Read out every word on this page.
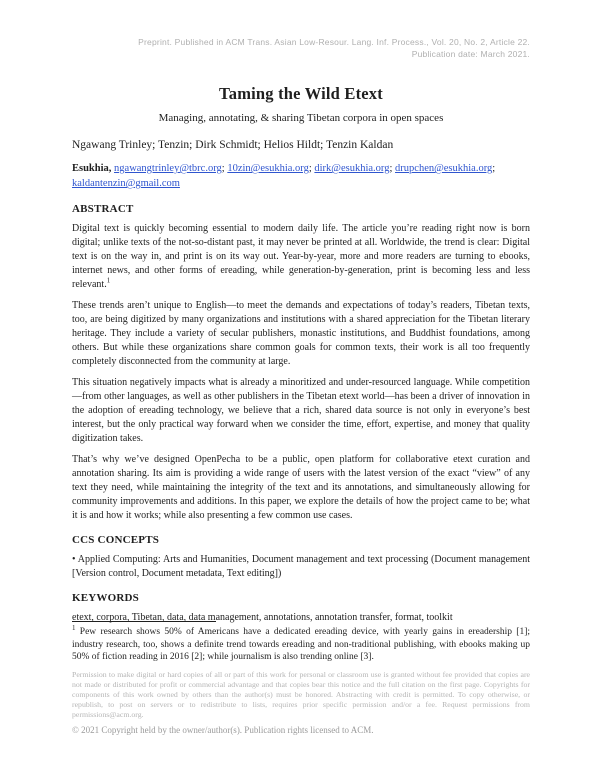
Preprint. Published in ACM Trans. Asian Low-Resour. Lang. Inf. Process., Vol. 20, No. 2, Article 22.
Publication date: March 2021.
Taming the Wild Etext
Managing, annotating, & sharing Tibetan corpora in open spaces
Ngawang Trinley; Tenzin; Dirk Schmidt; Helios Hildt; Tenzin Kaldan
Esukhia, ngawangtrinley@tbrc.org; 10zin@esukhia.org; dirk@esukhia.org; drupchen@esukhia.org; kaldantenzin@gmail.com
ABSTRACT

Digital text is quickly becoming essential to modern daily life. The article you’re reading right now is born digital; unlike texts of the not-so-distant past, it may never be printed at all. Worldwide, the trend is clear: Digital text is on the way in, and print is on its way out. Year-by-year, more and more readers are turning to ebooks, internet news, and other forms of ereading, while generation-by-generation, print is becoming less and less relevant.$^1$

These trends aren’t unique to English—to meet the demands and expectations of today’s readers, Tibetan texts, too, are being digitized by many organizations and institutions with a shared appreciation for the Tibetan literary heritage. They include a variety of secular publishers, monastic institutions, and Buddhist foundations, among others. But while these organizations share common goals for common texts, their work is all too frequently completely disconnected from the community at large.

This situation negatively impacts what is already a minoritized and under-resourced language. While competition—from other languages, as well as other publishers in the Tibetan etext world—has been a driver of innovation in the adoption of ereading technology, we believe that a rich, shared data source is not only in everyone’s best interest, but the only practical way forward when we consider the time, effort, expertise, and money that quality digitization takes.

That’s why we’ve designed OpenPecha to be a public, open platform for collaborative etext curation and annotation sharing. Its aim is providing a wide range of users with the latest version of the exact “view” of any text they need, while maintaining the integrity of the text and its annotations, and simultaneously allowing for community improvements and additions. In this paper, we explore the details of how the project came to be; what it is and how it works; while also presenting a few common use cases.

CCS CONCEPTS

• Applied Computing: Arts and Humanities, Document management and text processing (Document management [Version control, Document metadata, Text editing])

KEYWORDS

etext, corpora, Tibetan, data, data management, annotations, annotation transfer, format, toolkit

$^1$ Pew research shows 50% of Americans have a dedicated ereading device, with yearly gains in ereadership [1]; industry research, too, shows a definite trend towards ereading and non-traditional publishing, with ebooks making up 50% of fiction reading in 2016 [2]; while journalism is also trending online [3].

Permission to make digital or hard copies of all or part of this work for personal or classroom use is granted without fee provided that copies are not made or distributed for profit or commercial advantage and that copies bear this notice and the full citation on the first page. Copyrights for components of this work owned by others than the author(s) must be honored. Abstracting with credit is permitted. To copy otherwise, or republish, to post on servers or to redistribute to lists, requires prior specific permission and/or a fee. Request permissions from permissions@acm.org.

© 2021 Copyright held by the owner/author(s). Publication rights licensed to ACM.
